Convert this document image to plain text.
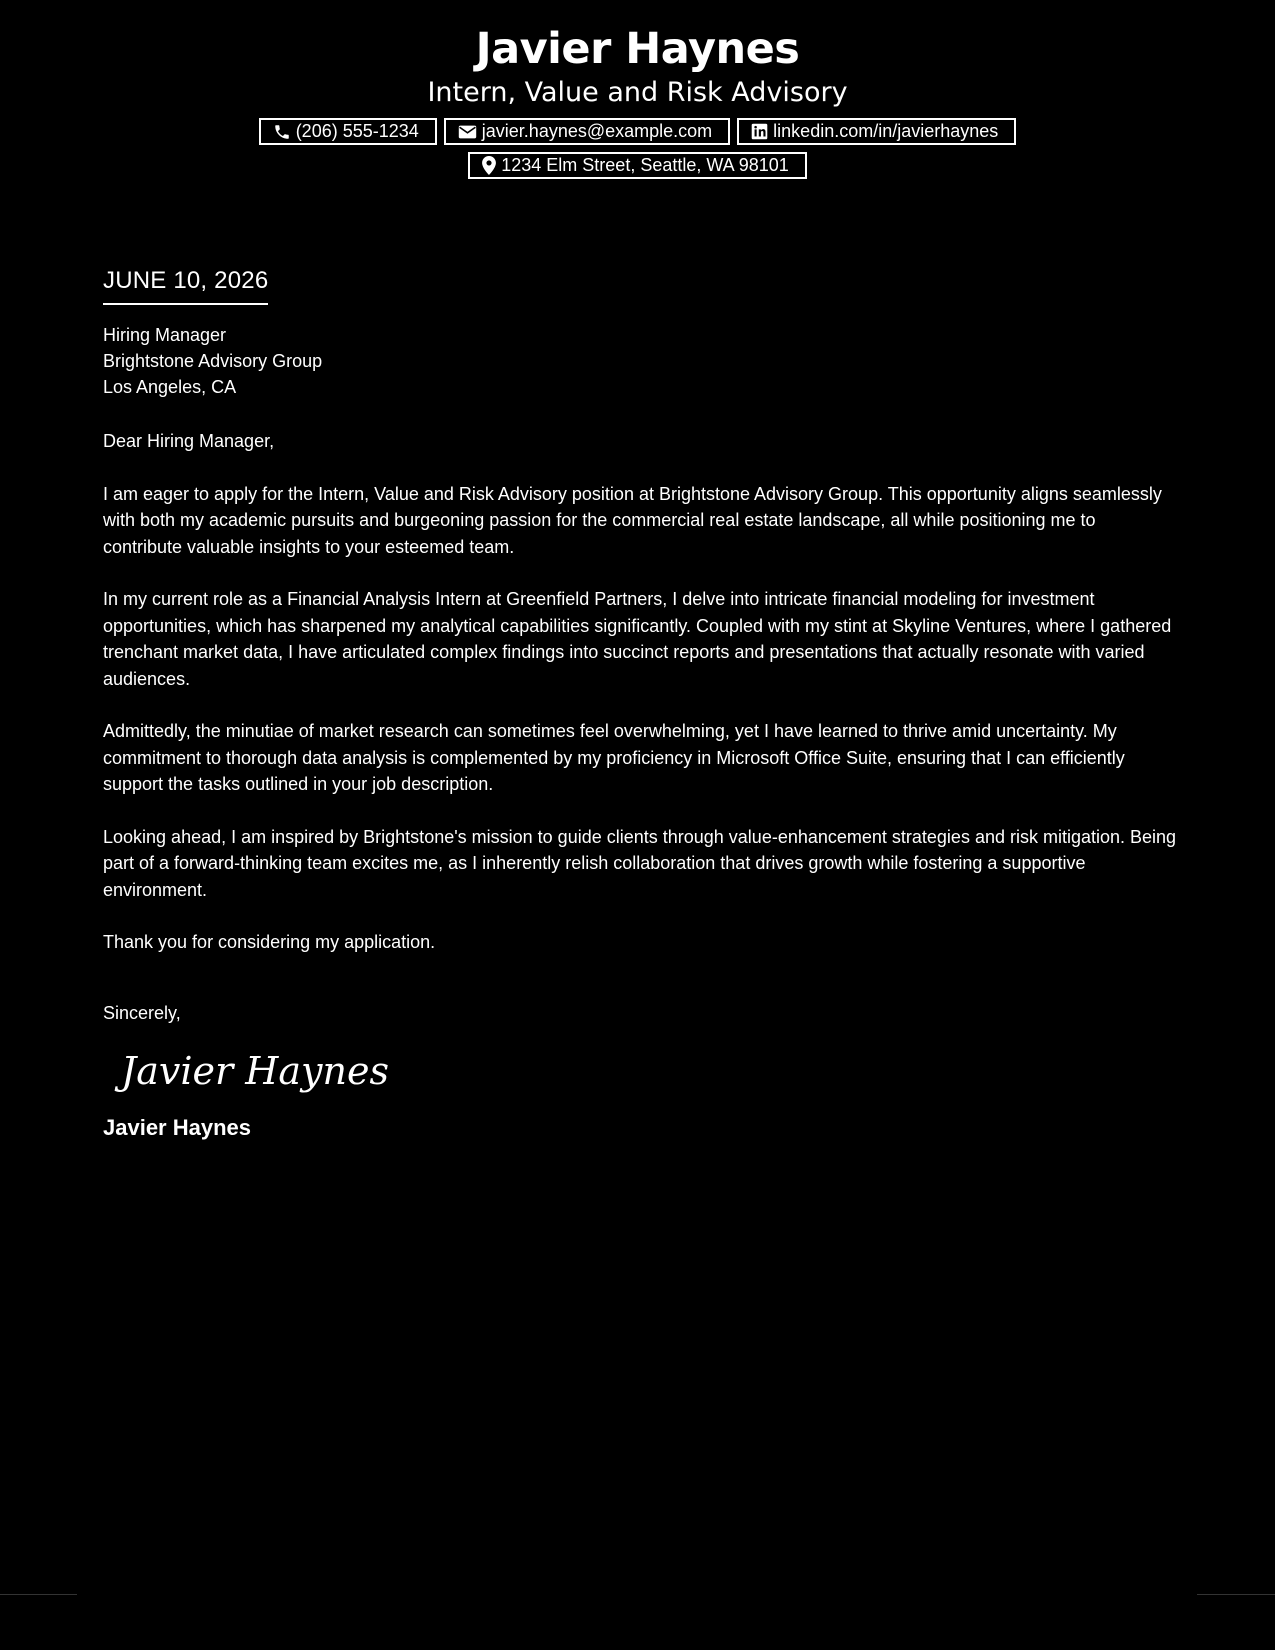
Javier Haynes
Intern, Value and Risk Advisory
(206) 555-1234	javier.haynes@example.com	linkedin.com/in/javierhaynes
1234 Elm Street, Seattle, WA 98101
JUNE 10, 2026
Hiring Manager
Brightstone Advisory Group
Los Angeles, CA
Dear Hiring Manager,

I am eager to apply for the Intern, Value and Risk Advisory position at Brightstone Advisory Group. This opportunity aligns seamlessly with both my academic pursuits and burgeoning passion for the commercial real estate landscape, all while positioning me to contribute valuable insights to your esteemed team.

In my current role as a Financial Analysis Intern at Greenfield Partners, I delve into intricate financial modeling for investment opportunities, which has sharpened my analytical capabilities significantly. Coupled with my stint at Skyline Ventures, where I gathered trenchant market data, I have articulated complex findings into succinct reports and presentations that actually resonate with varied audiences.

Admittedly, the minutiae of market research can sometimes feel overwhelming, yet I have learned to thrive amid uncertainty. My commitment to thorough data analysis is complemented by my proficiency in Microsoft Office Suite, ensuring that I can efficiently support the tasks outlined in your job description.

Looking ahead, I am inspired by Brightstone's mission to guide clients through value-enhancement strategies and risk mitigation. Being part of a forward-thinking team excites me, as I inherently relish collaboration that drives growth while fostering a supportive environment.

Thank you for considering my application.
Sincerely,
Javier Haynes
Javier Haynes
